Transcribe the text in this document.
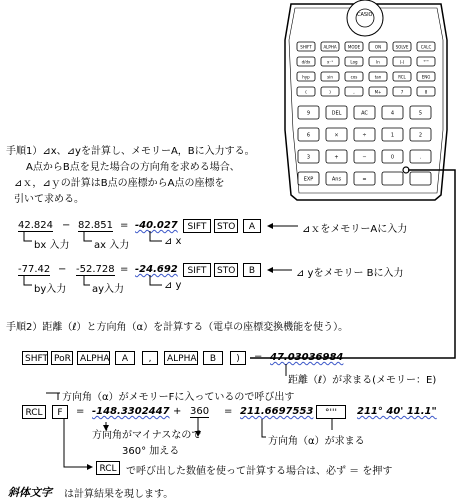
SHIFT	ALPHA	MODE	ON	SOLVE	CALC
d/dx	x⁻¹	Log	ln	(-)	°'''
hyp	sin	cos	tan	RCL	ENG
(	)	,	M+	7	8
9	DEL	AC	4	5
6	×	÷	1	2
3	+	−	0	.
EXP	Ans	=
CASIO
手順1）⊿x、⊿yを計算し、メモリーA，Bに入力する。
A点からB点を見た場合の方向角を求める場合、
⊿ｘ，⊿ｙの計算はB点の座標からA点の座標を
引いて求める。
42.824 − 82.851 = -40.027	SIFT	STO	A	⊿ｘをメモリーAに入力
bx 入力 ax 入力	⊿ x
-77.42 − -52.728 = -24.692	SIFT	STO	B	⊿ yをメモリー Bに入力
by入力	ay入力	⊿ y
手順2）距離（ℓ）と方向角（α）を計算する（電卓の座標変換機能を使う）。
SHFT PoR	ALPHA	A	,	ALPHA	B	)	= 47.03036984
距離（ℓ）が求まる(メモリー：E)
方向角（α）がメモリーFに入っているので呼び出す
RCL	F	= -148.3302447 + 360 = 211.6697553	°'''	211° 40' 11.1"
方向角がマイナスなので
360° 加える
方向角（α）が求まる
RCL で呼び出した数値を使って計算する場合は、必ず ＝ を押す
斜体文字 は計算結果を現します。
